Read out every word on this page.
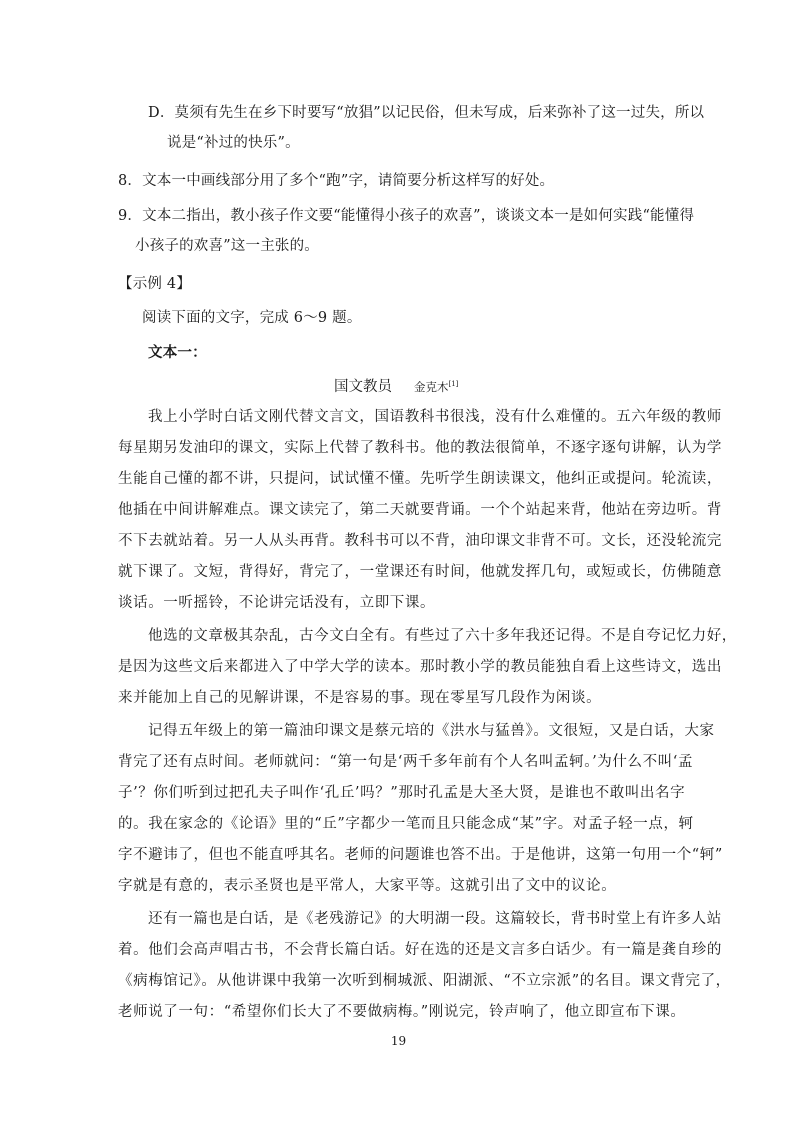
D．莫须有先生在乡下时要写“放猖”以记民俗，但未写成，后来弥补了这一过失，所以
说是“补过的快乐”。
8．文本一中画线部分用了多个“跑”字，请简要分析这样写的好处。
9．文本二指出，教小孩子作文要“能懂得小孩子的欢喜”，谈谈文本一是如何实践“能懂得
小孩子的欢喜”这一主张的。
【示例 4】
阅读下面的文字，完成 6～9 题。
文本一：
国文教员 金克木[1]
我上小学时白话文刚代替文言文，国语教科书很浅，没有什么难懂的。五六年级的教师
每星期另发油印的课文，实际上代替了教科书。他的教法很简单，不逐字逐句讲解，认为学
生能自己懂的都不讲，只提问，试试懂不懂。先听学生朗读课文，他纠正或提问。轮流读，
他插在中间讲解难点。课文读完了，第二天就要背诵。一个个站起来背，他站在旁边听。背
不下去就站着。另一人从头再背。教科书可以不背，油印课文非背不可。文长，还没轮流完
就下课了。文短，背得好，背完了，一堂课还有时间，他就发挥几句，或短或长，仿佛随意
谈话。一听摇铃，不论讲完话没有，立即下课。
他选的文章极其杂乱，古今文白全有。有些过了六十多年我还记得。不是自夸记忆力好，
是因为这些文后来都进入了中学大学的读本。那时教小学的教员能独自看上这些诗文，选出
来并能加上自己的见解讲课，不是容易的事。现在零星写几段作为闲谈。
记得五年级上的第一篇油印课文是蔡元培的《洪水与猛兽》。文很短，又是白话，大家
背完了还有点时间。老师就问：“第一句是‘两千多年前有个人名叫孟轲。’为什么不叫‘孟
子’？你们听到过把孔夫子叫作‘孔丘’吗？”那时孔孟是大圣大贤，是谁也不敢叫出名字
的。我在家念的《论语》里的“丘”字都少一笔而且只能念成“某”字。对孟子轻一点，轲
字不避讳了，但也不能直呼其名。老师的问题谁也答不出。于是他讲，这第一句用一个“轲”
字就是有意的，表示圣贤也是平常人，大家平等。这就引出了文中的议论。
还有一篇也是白话，是《老残游记》的大明湖一段。这篇较长，背书时堂上有许多人站
着。他们会高声唱古书，不会背长篇白话。好在选的还是文言多白话少。有一篇是龚自珍的
《病梅馆记》。从他讲课中我第一次听到桐城派、阳湖派、“不立宗派”的名目。课文背完了，
老师说了一句：“希望你们长大了不要做病梅。”刚说完，铃声响了，他立即宣布下课。
19
